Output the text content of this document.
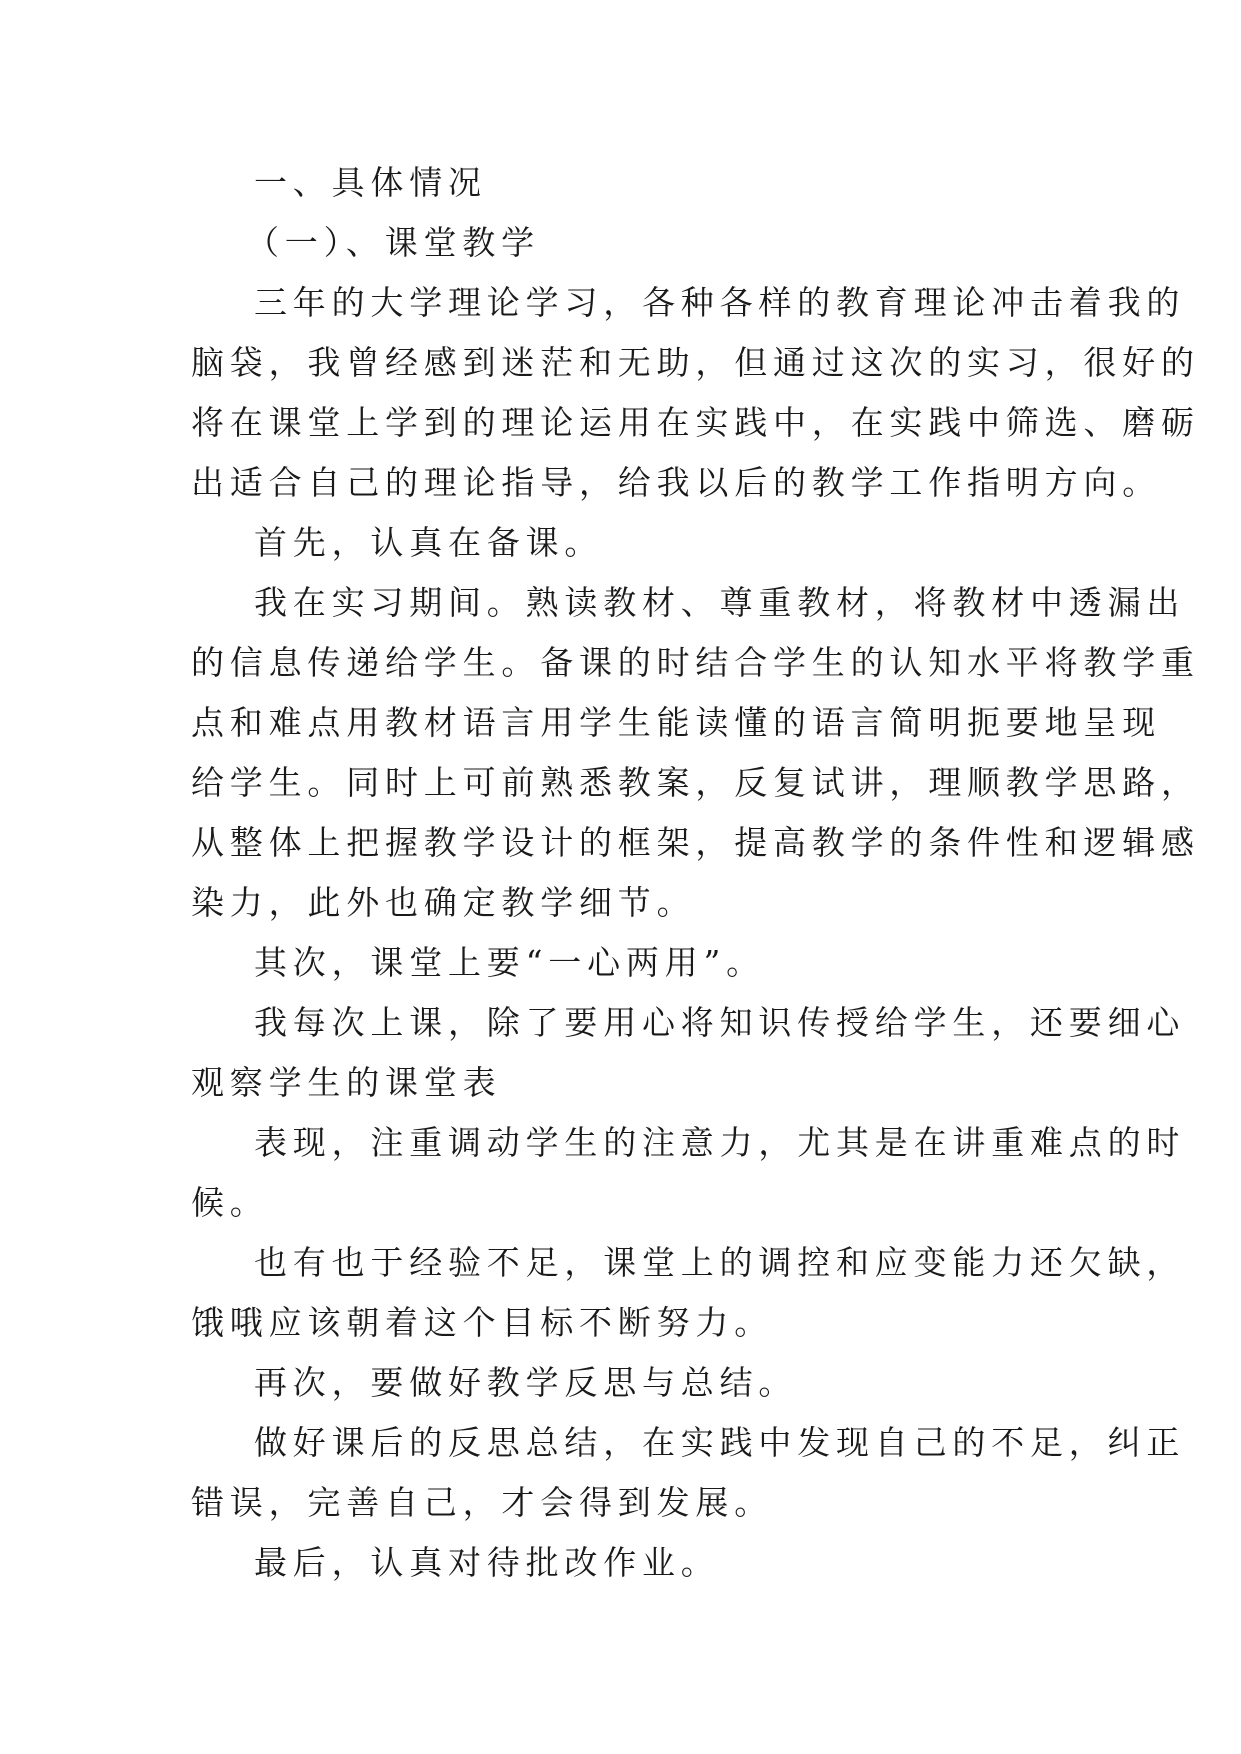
一、具体情况
（一）、课堂教学
三年的大学理论学习，各种各样的教育理论冲击着我的
脑袋，我曾经感到迷茫和无助，但通过这次的实习，很好的
将在课堂上学到的理论运用在实践中，在实践中筛选、磨砺
出适合自己的理论指导，给我以后的教学工作指明方向。
首先，认真在备课。
我在实习期间。熟读教材、尊重教材，将教材中透漏出
的信息传递给学生。备课的时结合学生的认知水平将教学重
点和难点用教材语言用学生能读懂的语言简明扼要地呈现
给学生。同时上可前熟悉教案，反复试讲，理顺教学思路，
从整体上把握教学设计的框架，提高教学的条件性和逻辑感
染力，此外也确定教学细节。
其次，课堂上要“一心两用”。
我每次上课，除了要用心将知识传授给学生，还要细心
观察学生的课堂表
表现，注重调动学生的注意力，尤其是在讲重难点的时
候。
也有也于经验不足，课堂上的调控和应变能力还欠缺，
饿哦应该朝着这个目标不断努力。
再次，要做好教学反思与总结。
做好课后的反思总结，在实践中发现自己的不足，纠正
错误，完善自己，才会得到发展。
最后，认真对待批改作业。
